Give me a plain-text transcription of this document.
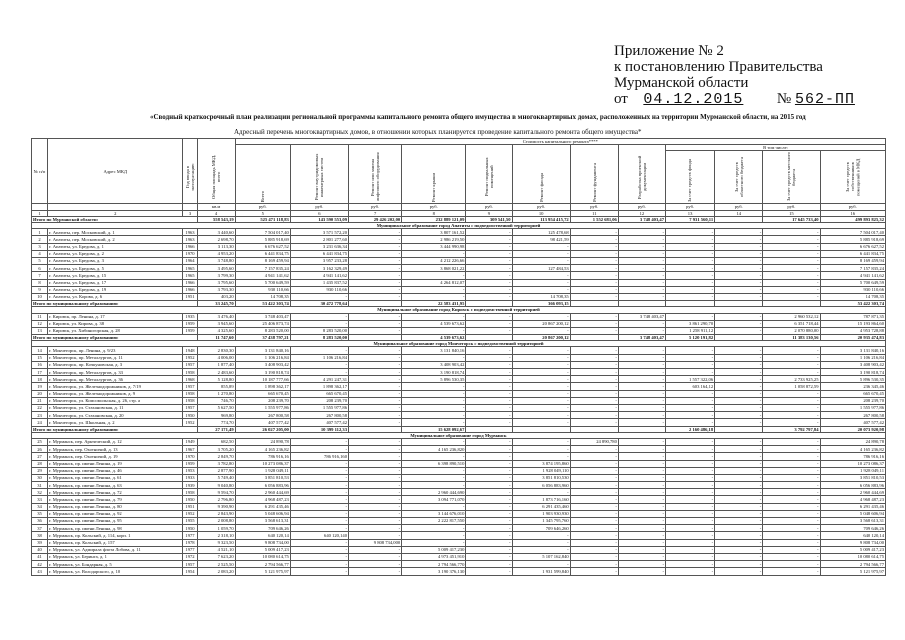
Приложение № 2
к постановлению Правительства
Мурманской области
от 04.12.2015 № 562-ПП
«Сводный краткосрочный план реализации региональной программы капитального ремонта общего имущества в многоквартирных домах, расположенных на территории Мурманской области, на 2015 год
Адресный перечень многоквартирных домов, в отношении которых планируется проведение капитального ремонта общего имущества*
№ п/п	Адрес МКД	Год ввода в эксплуатацию	Общая площадь МКД, всего	Стоимость капитального ремонта****											
				Всего	Ремонт внутридомовых инженерных систем	Ремонт или замена лифтового оборудования	Ремонт крыши	Ремонт подвальных помещений	Ремонт фасада	Ремонт фундамента	Разработка проектной документации	В том числе:			
												За счет средств фонда	За счет средств областного бюджета	За счет средств местного бюджета	За счет средств собственников помещений в МКД
			кв.м	руб.	руб.	руб.	руб.	руб.	руб.	руб.	руб.	руб.	руб.	руб.	руб.
1	2	3	4	5	6	7	8	9	10	11	12	13	14	15	16
Итого по Мурманской области:			558 543,19	525 471 118,83	143 590 553,09	29 426 202,00	232 889 121,09	309 541,50	113 954 415,72	1 552 681,06	3 748 403,47	7 931 560,11		17 645 733,40	499 893 825,32
Муниципальное образование город Апатиты с подведомственной территорией															
1	г. Апатиты, пер. Московский, д. 1	1963	3 440,60	7 504 017,40	3 571 572,20	-	3 807 161,52	-	125 478,68	-	-	-	-	-	7 504 017,40
2	г. Апатиты, пер. Московский, д. 2	1963	2 698,70	5 885 918,69	2 801 277,60	-	2 986 219,50	-	98 421,59	-	-	-	-	-	5 885 918,69
3	г. Апатиты, ул. Бредова, д. 1	1966	3 113,30	6 676 627,52	3 231 636,34	-	3 444 990,98	-	-	-	-	-	-	-	6 676 627,52
4	г. Апатиты, ул. Бредова, д. 2	1970	4 953,20	6 441 834,75	6 441 834,75	-	-	-	-	-	-	-	-	-	6 441 834,75
5	г. Апатиты, ул. Бредова, д. 3	1964	3 748,80	8 169 459,94	3 957 233,28	-	4 212 226,66	-	-	-	-	-	-	-	8 169 459,94
6	г. Апатиты, ул. Бредова, д. 5	1965	3 495,60	7 157 835,24	3 162 329,49	-	3 868 021,22	-	127 484,53	-	-	-	-	-	7 157 835,24
7	г. Апатиты, ул. Бредова, д. 15	1965	3 799,30	4 941 141,62	4 941 141,62	-	-	-	-	-	-	-	-	-	4 941 141,62
8	г. Апатиты, ул. Бредова, д. 17	1966	3 795,60	5 700 649,59	1 435 837,52	-	4 264 812,07	-	-	-	-	-	-	-	5 700 649,59
9	г. Апатиты, ул. Бредова, д. 19	1966	3 793,30	930 110,66	930 110,66	-	-	-	-	-	-	-	-	-	930 110,66
10	г. Апатиты, ул. Корова, д. 6	1951	403,20	14 708,35	-	-	-	-	14 708,35	-	-	-	-	-	14 708,35
Итого по муниципальному образованию:			33 245,70	53 422 303,74	30 472 778,64		22 583 431,95		366 093,15						53 422 303,74
Муниципальное образование город Кировск с подведомственной территорией															
11	г. Кировск, пр. Ленина, д. 17	1935	3 476,40	3 748 403,47	-	-	-	-	-	-	3 748 403,47	-	-	2 960 532,12	787 871,35
12	г. Кировск, ул. Кирова, д. 38	1959	3 945,60	25 406 873,74	-	-	4 539 673,62	-	20 867 200,12	-	-	3 861 290,70	-	6 351 718,44	15 193 864,60
13	г. Кировск, ул. Хибиногорская, д. 28	1959	4 325,60	8 283 520,00	8 283 520,00	-	-	-	-	-	-	1 258 911,12	-	2 070 880,00	4 953 728,88
Итого по муниципальному образованию:			11 747,60	37 438 797,21	8 283 520,00		4 539 673,62		20 867 200,12		3 748 403,47	5 120 191,82		11 383 130,56	20 935 474,83
Муниципальное образование город Мончегорск с подведомственной территорией															
14	г. Мончегорск, пр. Ленина, д. 9/23	1948	2 830,30	3 131 840,16	-	-	3 131 840,16	-	-	-	-	-	-	-	3 131 840,16
15	г. Мончегорск, пр. Металлургов, д. 11	1952	4 006,00	1 106 216,84	1 106 216,84	-	-	-	-	-	-	-	-	-	1 106 216,84
16	г. Мончегорск, пр. Кочкуновская, д. 3	1957	1 877,40	3 408 903,42	-	-	3 408 903,42	-	-	-	-	-	-	-	3 408 903,42
17	г. Мончегорск, пр. Металлургов, д. 33	1958	2 483,60	3 190 818,74	-	-	3 190 818,74	-	-	-	-	-	-	-	3 190 818,74
18	г. Мончегорск, пр. Металлургов, д. 36	1968	5 128,80	10 187 777,66	4 291 247,31	-	5 896 530,35	-	-	-	-	1 557 322,06	-	2 733 925,25	5 896 530,35
19	г. Мончегорск, ул. Железнодорожников, д. 7/19	1957	855,89	1 898 362,17	1 898 362,17	-	-	-	-	-	-	603 164,12	-	1 058 872,59	236 345,46
20	г. Мончегорск, ул. Железнодорожников, д. 9	1958	1 270,80	665 670,45	665 670,45	-	-	-	-	-	-	-	-	-	665 670,45
21	г. Мончегорск, ул. Комсомольская, д. 26, стр. а	1958	746,70	208 239,70	208 239,70	-	-	-	-	-	-	-	-	-	208 239,70
22	г. Мончегорск, ул. Стахановская, д. 11	1957	5 627,50	1 555 977,86	1 555 977,86	-	-	-	-	-	-	-	-	-	1 555 977,86
23	г. Мончегорск, ул. Стахановская, д. 20	1950	969,80	267 800,58	267 800,58	-	-	-	-	-	-	-	-	-	267 800,58
24	г. Мончегорск, ул. Школьная, д. 2	1952	774,70	407 577,42	407 577,42	-	-	-	-	-	-	-	-	-	407 577,42
Итого по муниципальному образованию:			27 171,49	26 027 205,00	10 399 112,33		15 628 092,67					2 160 486,18		3 792 797,84	20 073 920,98
Муниципальное образование город Мурманск															
25	г. Мурманск, пер. Арктический, д. 12	1949	682,50	24 890,78	-	-	-	-	-	24 890,780	-	-	-	-	24 890,78
26	г. Мурманск, пер. Охотничий, д. 13	1967	3 705,20	4 165 236,82	-	-	4 165 236,820	-	-	-	-	-	-	-	4 165 236,82
27	г. Мурманск, пер. Охотничий, д. 19	1970	2 849,70	786 916,16	786 916,160	-	-	-	-	-	-	-	-	-	786 916,16
28	г. Мурманск, пр. имени Ленина, д. 19	1959	3 782,80	10 273 086,37	-	-	6 398 890,510	-	3 874 195,860	-	-	-	-	-	10 273 086,37
29	г. Мурманск, пр. имени Ленина, д. 46	1953	2 877,90	1 928 049,11	-	-	-	-	1 928 049,110	-	-	-	-	-	1 928 049,11
30	г. Мурманск, пр. имени Ленина, д. 61	1933	5 749,40	3 851 810,53	-	-	-	-	3 851 810,530	-	-	-	-	-	3 851 810,53
31	г. Мурманск, пр. имени Ленина, д. 63	1939	9 040,80	6 056 883,96	-	-	-	-	6 056 883,960	-	-	-	-	-	6 056 883,96
32	г. Мурманск, пр. имени Ленина, д. 72	1958	9 594,70	2 960 444,69	-	-	2 960 444,690	-	-	-	-	-	-	-	2 960 444,69
33	г. Мурманск, пр. имени Ленина, д. 79	1950	2 796,80	4 968 487,23	-	-	3 094 771,070	-	1 873 716,160	-	-	-	-	-	4 968 487,23
34	г. Мурманск, пр. имени Ленина, д. 80	1951	9 390,90	6 291 435,46	-	-	-	-	6 291 435,460	-	-	-	-	-	6 291 435,46
35	г. Мурманск, пр. имени Ленина, д. 92	1952	2 843,90	5 048 606,94	-	-	3 144 676,010	-	1 903 930,930	-	-	-	-	-	5 048 606,94
36	г. Мурманск, пр. имени Ленина, д. 95	1955	2 008,80	3 568 613,31	-	-	2 222 817,550	-	1 345 795,760	-	-	-	-	-	3 568 613,31
37	г. Мурманск, пр. имени Ленина, д. 98	1950	1 059,70	709 646,26	-	-	-	-	709 646,260	-	-	-	-	-	709 646,26
38	г. Мурманск, пр. Кольский, д. 114, корп. 1	1977	2 318,10	640 120,14	640 120,140	-	-	-	-	-	-	-	-	-	640 120,14
39	г. Мурманск, пр. Кольский, д. 157	1978	9 323,50	9 808 734,00	-	9 808 734,000	-	-	-	-	-	-	-	-	9 808 734,00
40	г. Мурманск, ул. Адмирала флота Лобова, д. 11	1977	4 521,10	5 009 417,23	-	-	5 009 417,230	-	-	-	-	-	-	-	5 009 417,23
41	г. Мурманск, ул. Беринга, д. 1	1972	7 623,20	10 080 614,75	-	-	4 973 451,910	-	5 107 162,840	-	-	-	-	-	10 080 614,75
42	г. Мурманск, ул. Бондарная, д. 5	1957	2 525,50	2 794 566,77	-	-	2 794 566,770	-	-	-	-	-	-	-	2 794 566,77
43	г. Мурманск, ул. Володарского, д. 10	1954	2 083,20	5 121 975,97	-	-	3 190 376,130	-	1 931 599,840	-	-	-	-	-	5 121 975,97
